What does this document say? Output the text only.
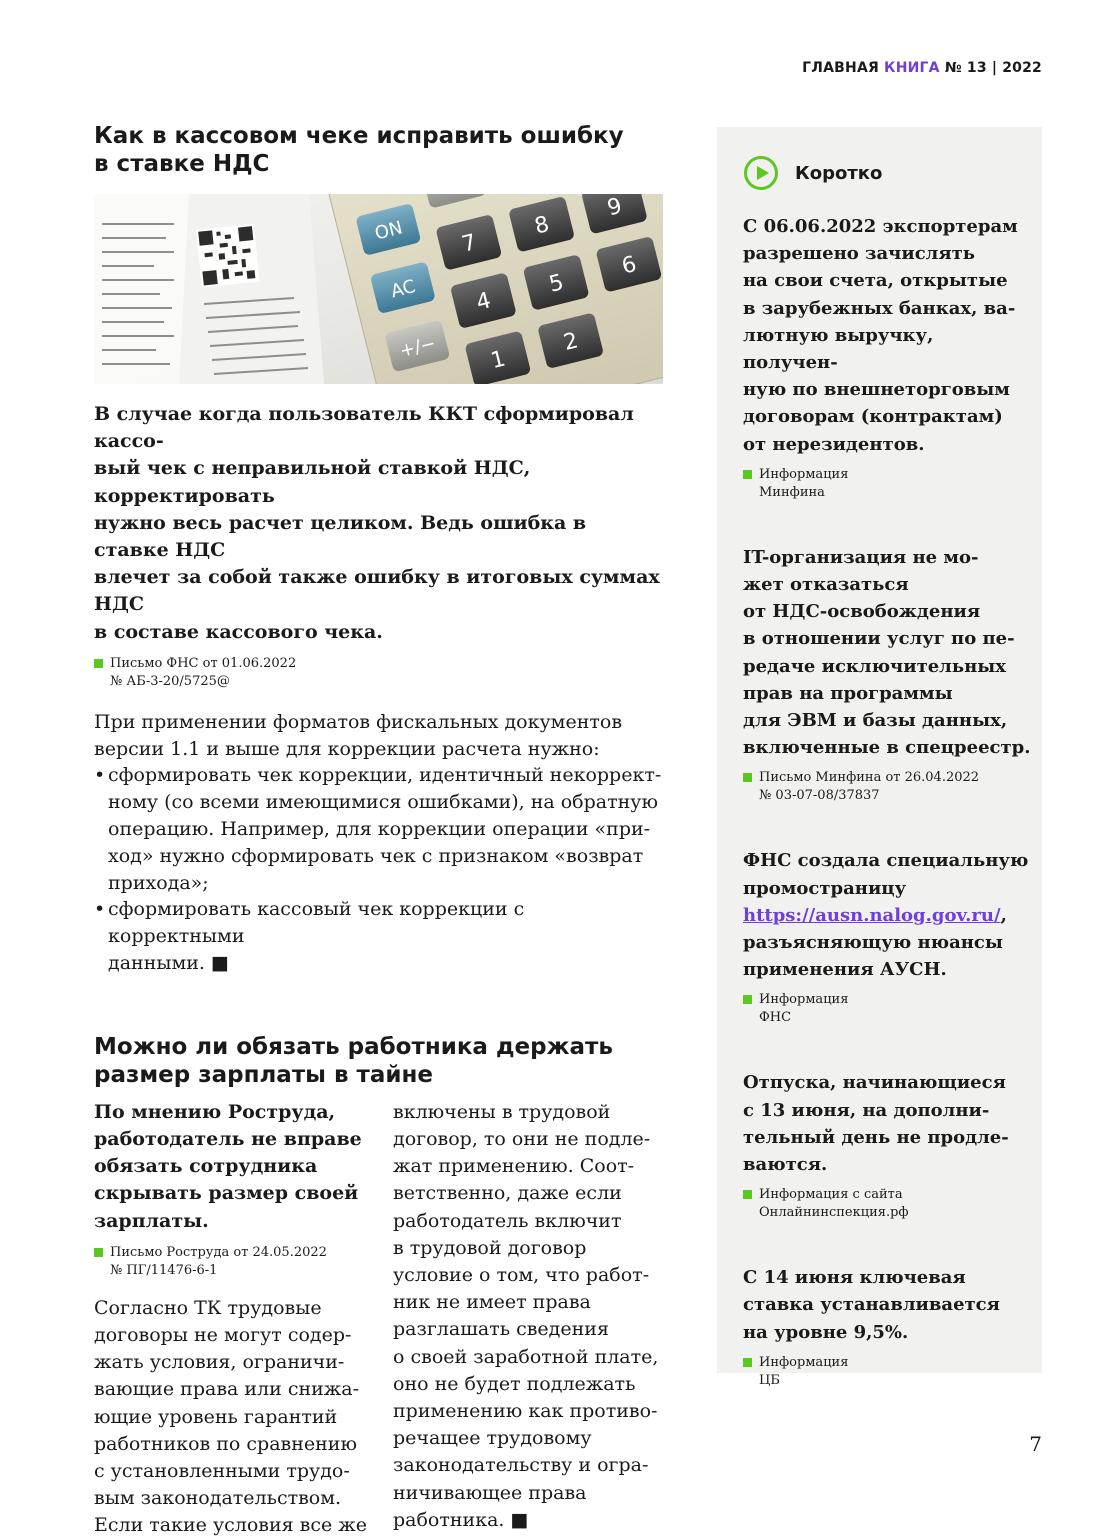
ГЛАВНАЯ КНИГА № 13 | 2022
Как в кассовом чеке исправить ошибку
в ставке НДС
ON
AC
+/−
7
8
9
4
5
6
1
2
В случае когда пользователь ККТ сформировал кассо-
вый чек с неправильной ставкой НДС, корректировать
нужно весь расчет целиком. Ведь ошибка в ставке НДС
влечет за собой также ошибку в итоговых суммах НДС
в составе кассового чека.
Письмо ФНС от 01.06.2022
№ АБ-3-20/5725@
При применении форматов фискальных документов
версии 1.1 и выше для коррекции расчета нужно:
• сформировать чек коррекции, идентичный некоррект-
ному (со всеми имеющимися ошибками), на обратную
операцию. Например, для коррекции операции «при-
ход» нужно сформировать чек с признаком «возврат
прихода»;
• сформировать кассовый чек коррекции с корректными
данными. ■
Можно ли обязать работника держать
размер зарплаты в тайне
По мнению Роструда,
работодатель не вправе
обязать сотрудника
скрывать размер своей
зарплаты.
Письмо Роструда от 24.05.2022
№ ПГ/11476-6-1

Согласно ТК трудовые
договоры не могут содер-
жать условия, ограничи-
вающие права или снижа-
ющие уровень гарантий
работников по сравнению
с установленными трудо-
вым законодательством.
Если такие условия все же

включены в трудовой
договор, то они не подле-
жат применению. Соот-
ветственно, даже если
работодатель включит
в трудовой договор
условие о том, что работ-
ник не имеет права
разглашать сведения
о своей заработной плате,
оно не будет подлежать
применению как противо-
речащее трудовому
законодательству и огра-
ничивающее права
работника. ■

Коротко

С 06.06.2022 экспортерам
разрешено зачислять
на свои счета, открытые
в зарубежных банках, ва-
лютную выручку, получен-
ную по внешнеторговым
договорам (контрактам)
от нерезидентов.

Информация
Минфина

IT-организация не мо-
жет отказаться
от НДС-освобождения
в отношении услуг по пе-
редаче исключительных
прав на программы
для ЭВМ и базы данных,
включенные в спецреестр.

Письмо Минфина от 26.04.2022
№ 03-07-08/37837

ФНС создала специальную
промостраницу
https://ausn.nalog.gov.ru/,
разъясняющую нюансы
применения АУСН.

Информация
ФНС

Отпуска, начинающиеся
с 13 июня, на дополни-
тельный день не продле-
ваются.

Информация с сайта
Онлайнинспекция.рф

С 14 июня ключевая
ставка устанавливается
на уровне 9,5%.

Информация
ЦБ
7
